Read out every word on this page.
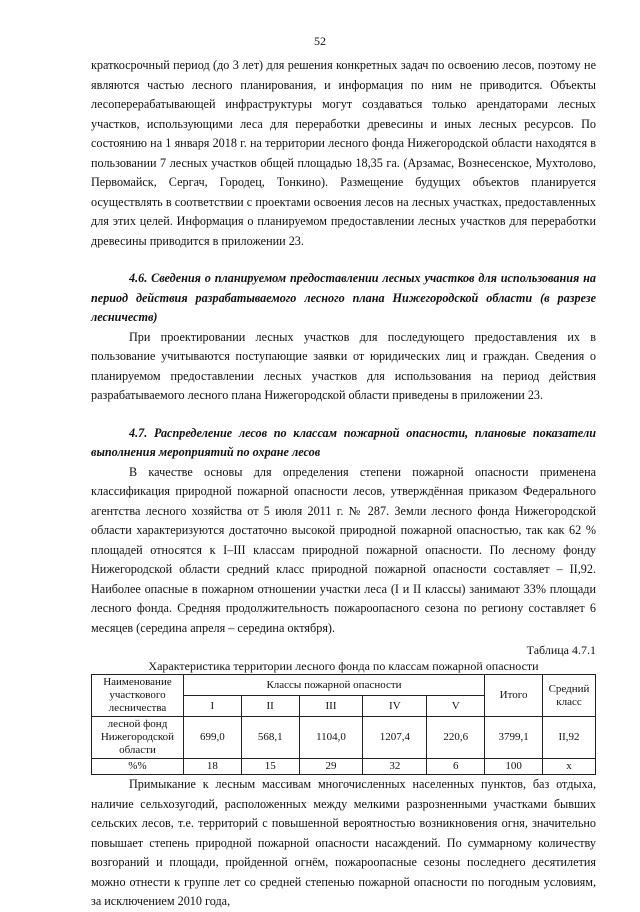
52

краткосрочный период (до 3 лет) для решения конкретных задач по освоению лесов, поэтому не являются частью лесного планирования, и информация по ним не приводится. Объекты лесоперерабатывающей инфраструктуры могут создаваться только арендаторами лесных участков, использующими леса для переработки древесины и иных лесных ресурсов. По состоянию на 1 января 2018 г. на территории лесного фонда Нижегородской области находятся в пользовании 7 лесных участков общей площадью 18,35 га. (Арзамас, Вознесенское, Мухтолово, Первомайск, Сергач, Городец, Тонкино). Размещение будущих объектов планируется осуществлять в соответствии с проектами освоения лесов на лесных участках, предоставленных для этих целей. Информация о планируемом предоставлении лесных участков для переработки древесины приводится в приложении 23.

4.6. Сведения о планируемом предоставлении лесных участков для использования на период действия разрабатываемого лесного плана Нижегородской области (в разрезе лесничеств)

При проектировании лесных участков для последующего предоставления их в пользование учитываются поступающие заявки от юридических лиц и граждан. Сведения о планируемом предоставлении лесных участков для использования на период действия разрабатываемого лесного плана Нижегородской области приведены в приложении 23.

4.7. Распределение лесов по классам пожарной опасности, плановые показатели выполнения мероприятий по охране лесов

В качестве основы для определения степени пожарной опасности применена классификация природной пожарной опасности лесов, утверждённая приказом Федерального агентства лесного хозяйства от 5 июля 2011 г. № 287. Земли лесного фонда Нижегородской области характеризуются достаточно высокой природной пожарной опасностью, так как 62 % площадей относятся к I–III классам природной пожарной опасности. По лесному фонду Нижегородской области средний класс природной пожарной опасности составляет – II,92. Наиболее опасные в пожарном отношении участки леса (I и II классы) занимают 33% площади лесного фонда. Средняя продолжительность пожароопасного сезона по региону составляет 6 месяцев (середина апреля – середина октября).

Таблица 4.7.1
Характеристика территории лесного фонда по классам пожарной опасности
Наименование участкового лесничества	Классы пожарной опасности					Итого	Средний класс
	I	II	III	IV	V		
лесной фонд Нижегородской области	699,0	568,1	1104,0	1207,4	220,6	3799,1	II,92
%%	18	15	29	32	6	100	x

Примыкание к лесным массивам многочисленных населенных пунктов, баз отдыха, наличие сельхозугодий, расположенных между мелкими разрозненными участками бывших сельских лесов, т.е. территорий с повышенной вероятностью возникновения огня, значительно повышает степень природной пожарной опасности насаждений. По суммарному количеству возгораний и площади, пройденной огнём, пожароопасные сезоны последнего десятилетия можно отнести к группе лет со средней степенью пожарной опасности по погодным условиям, за исключением 2010 года,
